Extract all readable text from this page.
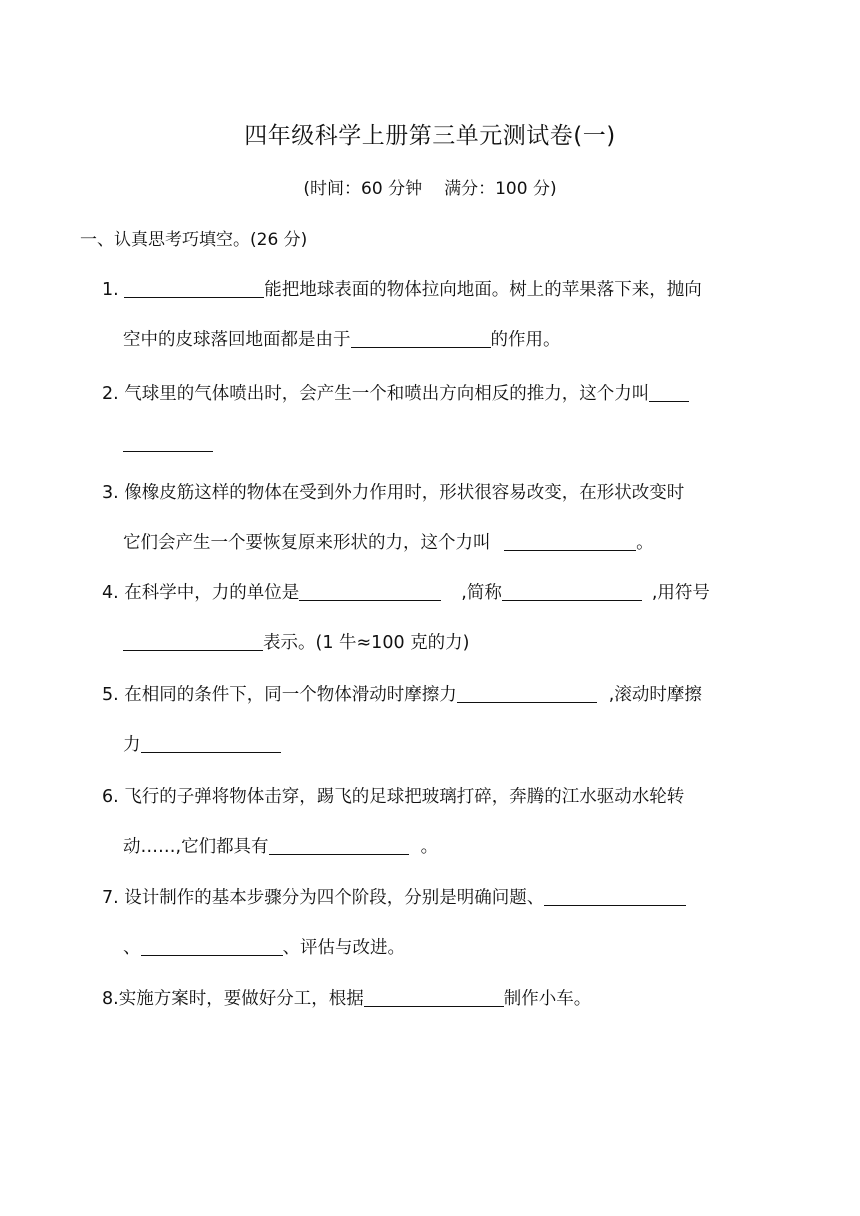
四年级科学上册第三单元测试卷(一)
(时间：60 分钟 满分：100 分)
一、认真思考巧填空。(26 分)
1.	能把地球表面的物体拉向地面。树上的苹果落下来，抛向
空中的皮球落回地面都是由于	的作用。
2. 气球里的气体喷出时，会产生一个和喷出方向相反的推力，这个力叫
3. 像橡皮筋这样的物体在受到外力作用时，形状很容易改变，在形状改变时
它们会产生一个要恢复原来形状的力，这个力叫	。
4. 在科学中，力的单位是	,简称	,用符号
表示。(1 牛≈100 克的力)
5. 在相同的条件下，同一个物体滑动时摩擦力	,滚动时摩擦
力
6. 飞行的子弹将物体击穿，踢飞的足球把玻璃打碎，奔腾的江水驱动水轮转
动……,它们都具有	。
7. 设计制作的基本步骤分为四个阶段，分别是明确问题、
、	、评估与改进。
8.实施方案时，要做好分工，根据	制作小车。
